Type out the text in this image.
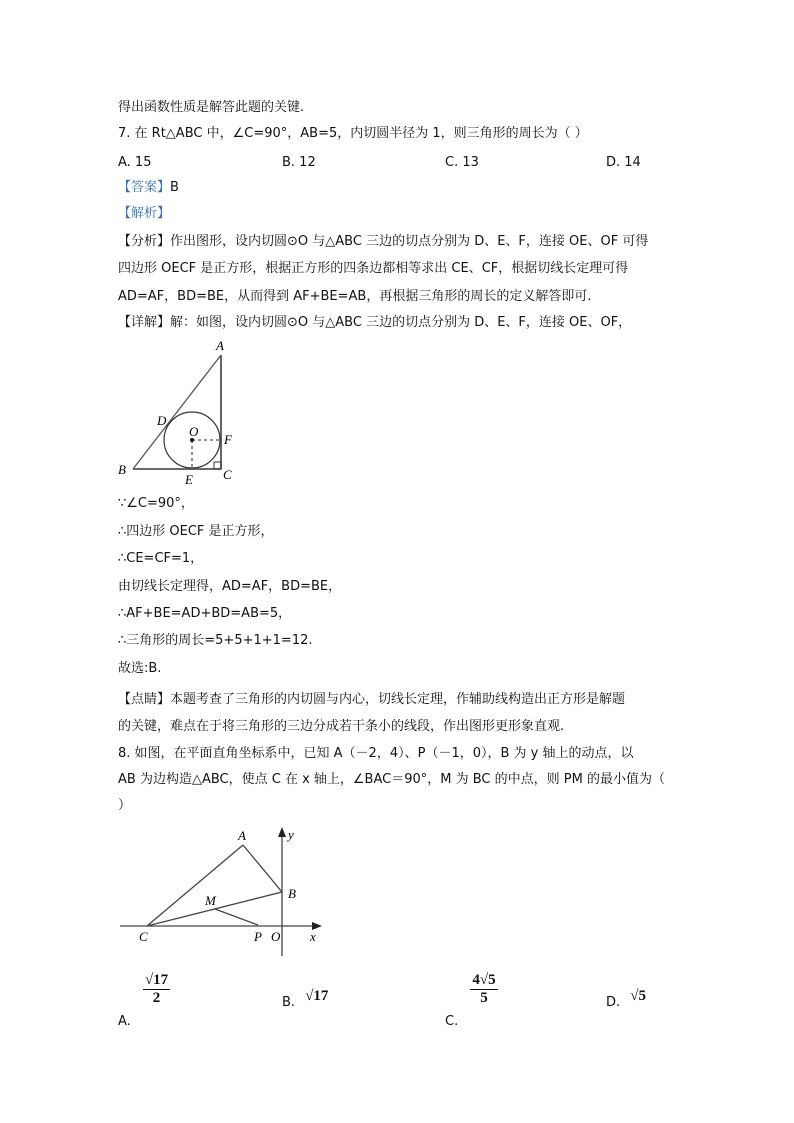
得出函数性质是解答此题的关键.
7. 在 Rt△ABC 中，∠C=90°，AB=5，内切圆半径为 1，则三角形的周长为（ ）
A. 15	B. 12	C. 13	D. 14
【答案】B
【解析】
【分析】作出图形，设内切圆⊙O 与△ABC 三边的切点分别为 D、E、F，连接 OE、OF 可得
四边形 OECF 是正方形，根据正方形的四条边都相等求出 CE、CF，根据切线长定理可得
AD=AF，BD=BE，从而得到 AF+BE=AB，再根据三角形的周长的定义解答即可.
【详解】解：如图，设内切圆⊙O 与△ABC 三边的切点分别为 D、E、F，连接 OE、OF，
A
D
O
F
B	C
E
∵∠C=90°，
∴四边形 OECF 是正方形，
∴CE=CF=1，
由切线长定理得，AD=AF，BD=BE，
∴AF+BE=AD+BD=AB=5，
∴三角形的周长=5+5+1+1=12.
故选:B.
【点睛】本题考查了三角形的内切圆与内心，切线长定理，作辅助线构造出正方形是解题
的关键，难点在于将三角形的三边分成若干条小的线段，作出图形更形象直观.
8. 如图，在平面直角坐标系中，已知 A（－2，4）、P（－1，0），B 为 y 轴上的动点，以
AB 为边构造△ABC，使点 C 在 x 轴上，∠BAC＝90°，M 为 BC 的中点，则 PM 的最小值为（
）
A	y
B
M
C	P O x
A.
$\frac{√17}{2}$	B. √17
C.
$\frac{4√5}{5}$	D. √5
